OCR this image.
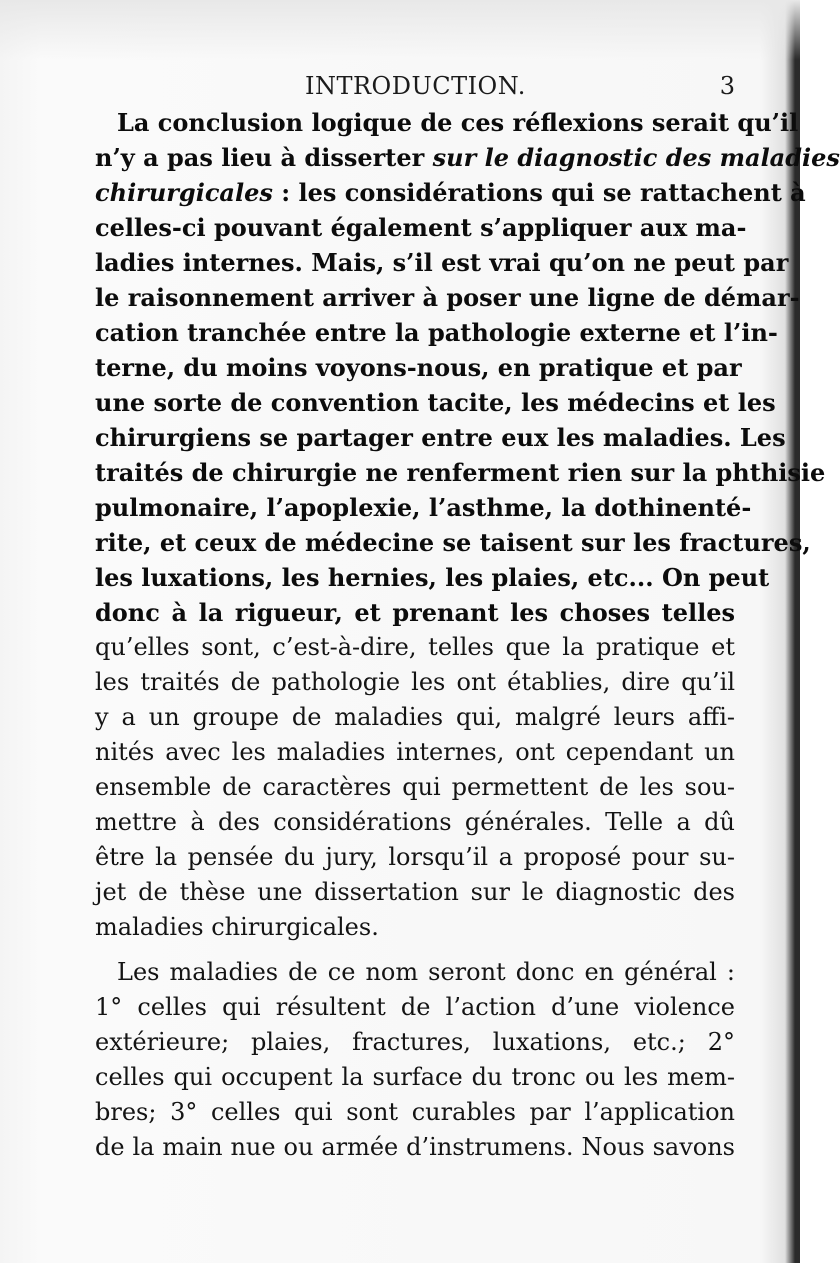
INTRODUCTION.	3
La conclusion logique de ces réflexions serait qu’il
n’y a pas lieu à disserter sur le diagnostic des maladies
chirurgicales : les considérations qui se rattachent à
celles-ci pouvant également s’appliquer aux ma-
ladies internes. Mais, s’il est vrai qu’on ne peut par
le raisonnement arriver à poser une ligne de démar-
cation tranchée entre la pathologie externe et l’in-
terne, du moins voyons-nous, en pratique et par
une sorte de convention tacite, les médecins et les
chirurgiens se partager entre eux les maladies. Les
traités de chirurgie ne renferment rien sur la phthisie
pulmonaire, l’apoplexie, l’asthme, la dothinenté-
rite, et ceux de médecine se taisent sur les fractures,
les luxations, les hernies, les plaies, etc... On peut
donc à la rigueur, et prenant les choses telles
qu’elles sont, c’est-à-dire, telles que la pratique et
les traités de pathologie les ont établies, dire qu’il
y a un groupe de maladies qui, malgré leurs affi-
nités avec les maladies internes, ont cependant un
ensemble de caractères qui permettent de les sou-
mettre à des considérations générales. Telle a dû
être la pensée du jury, lorsqu’il a proposé pour su-
jet de thèse une dissertation sur le diagnostic des
maladies chirurgicales.
Les maladies de ce nom seront donc en général :
1° celles qui résultent de l’action d’une violence
extérieure; plaies, fractures, luxations, etc.; 2°
celles qui occupent la surface du tronc ou les mem-
bres; 3° celles qui sont curables par l’application
de la main nue ou armée d’instrumens. Nous savons
